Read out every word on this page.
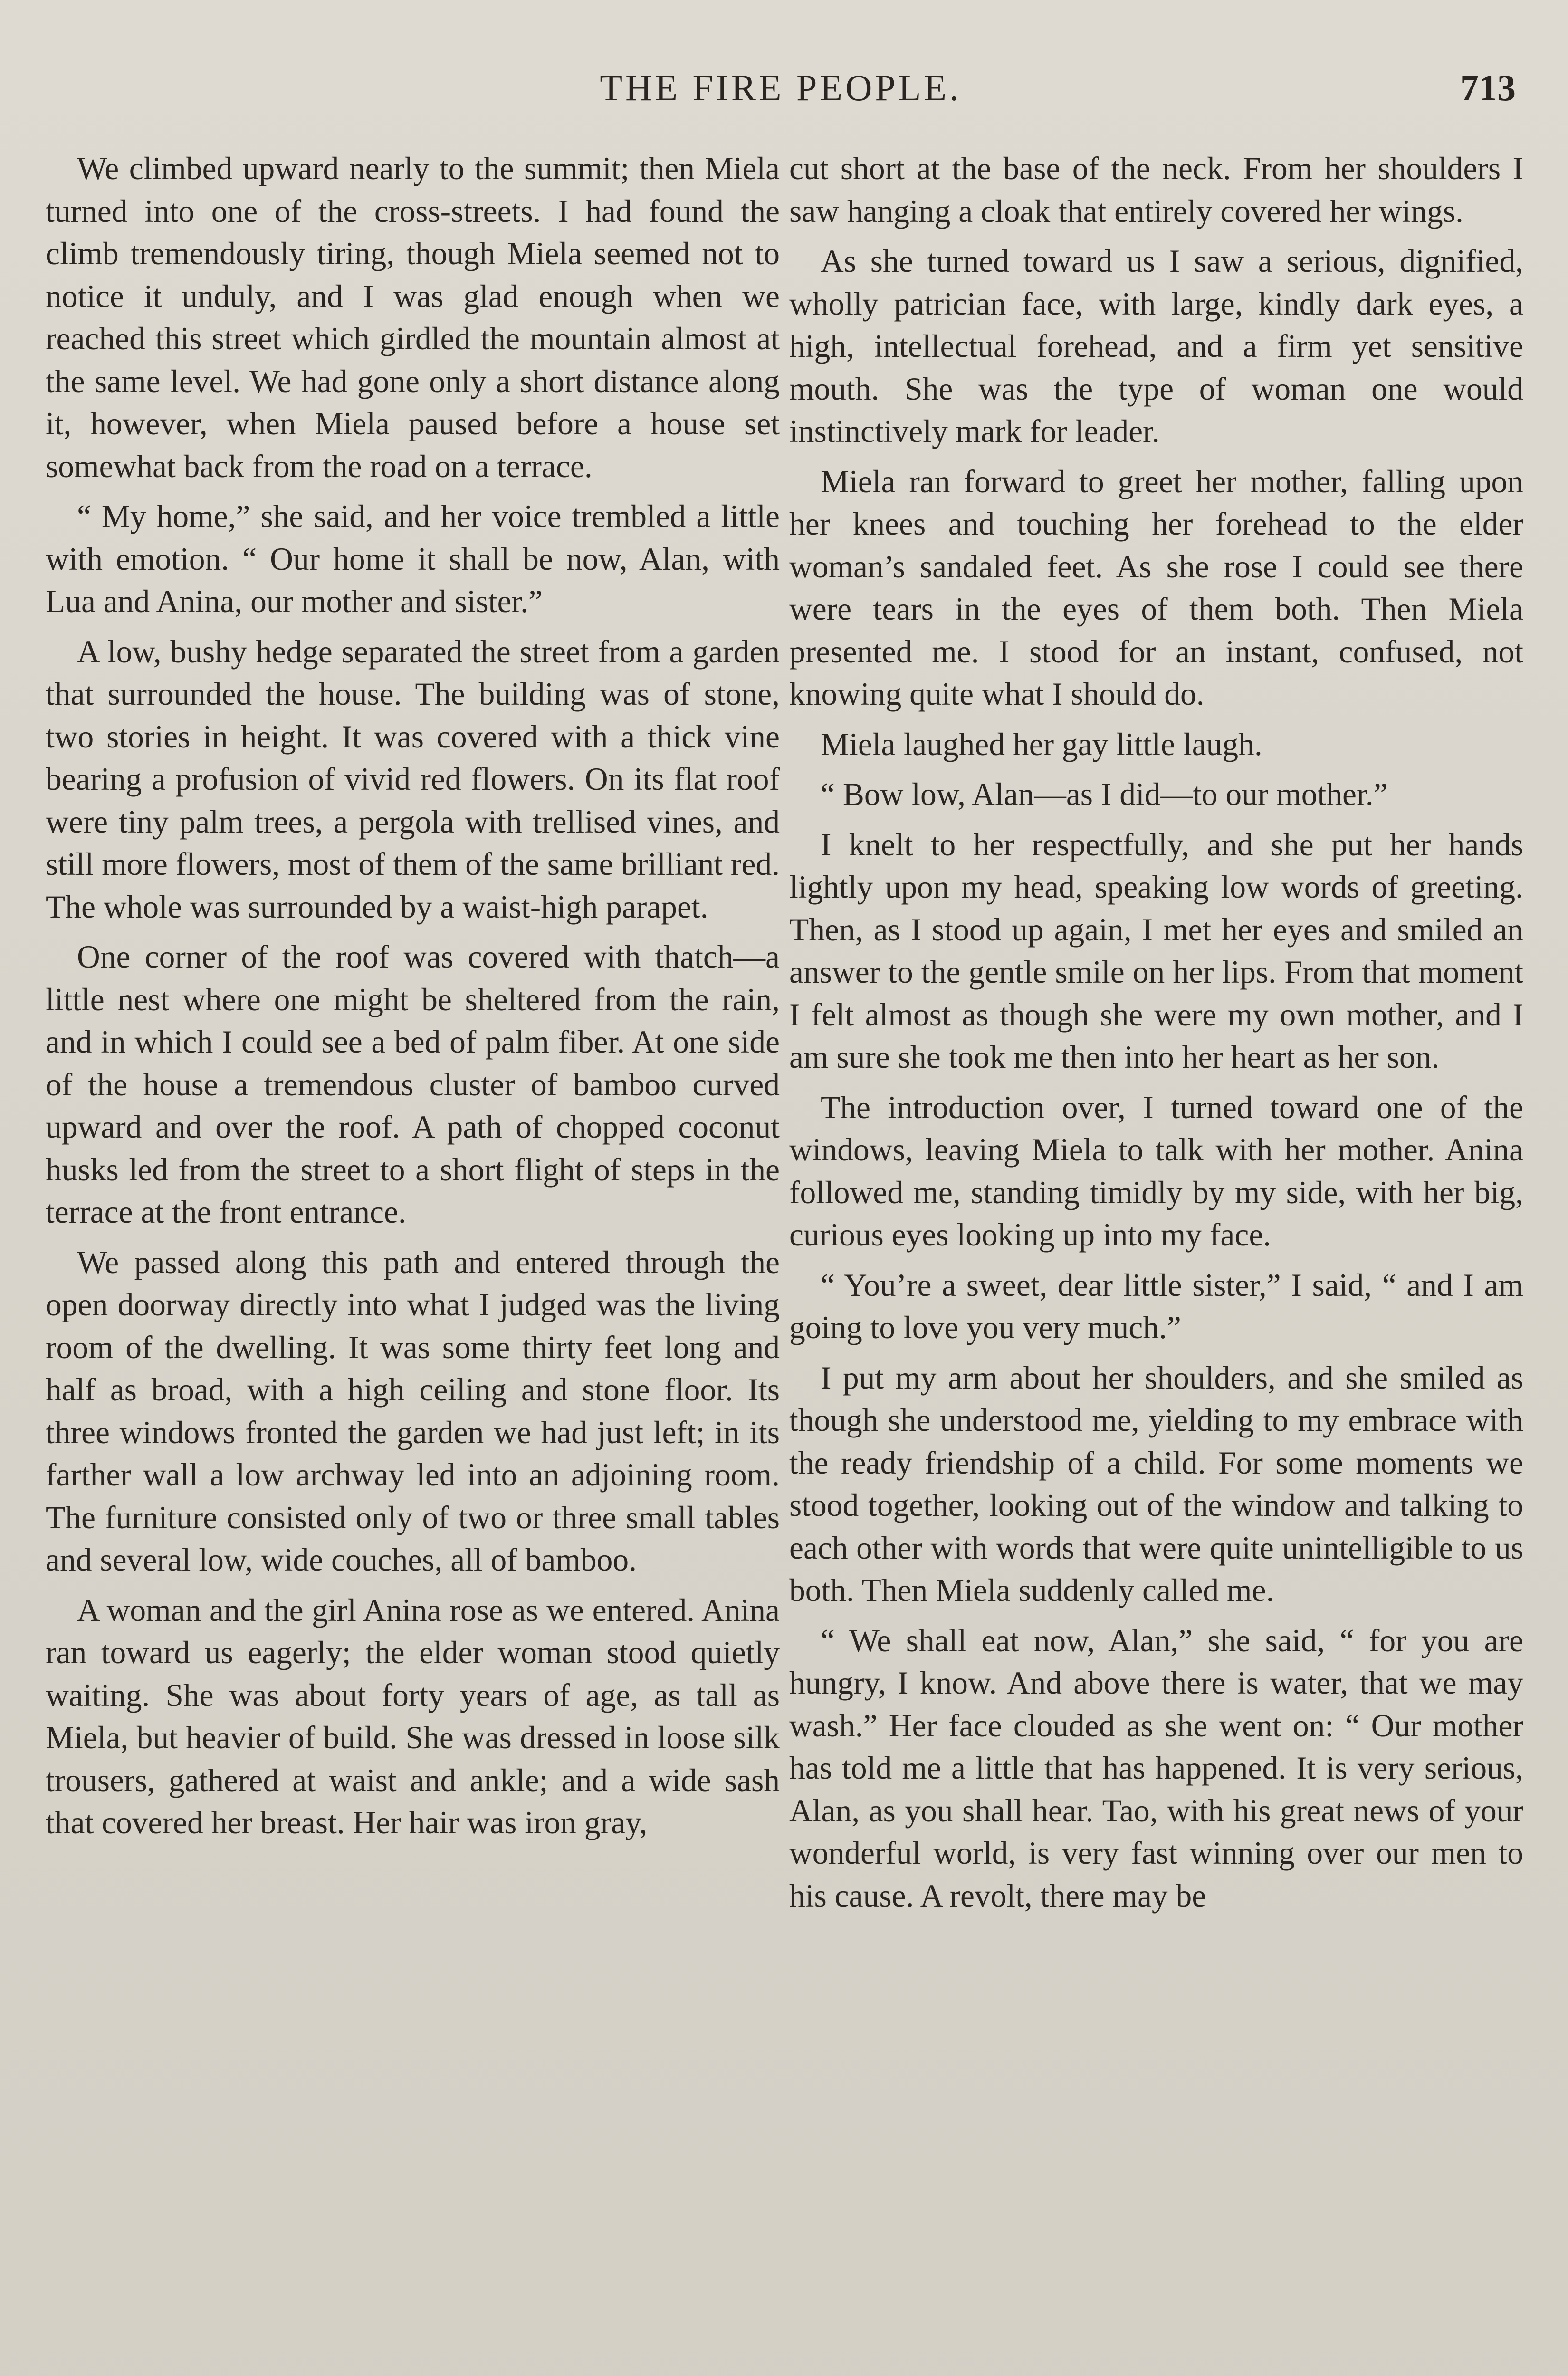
THE FIRE PEOPLE.	713

We climbed upward nearly to the summit; then Miela turned into one of the cross-streets. I had found the climb tremendously tiring, though Miela seemed not to notice it unduly, and I was glad enough when we reached this street which girdled the mountain almost at the same level. We had gone only a short distance along it, however, when Miela paused before a house set somewhat back from the road on a terrace.

“ My home,” she said, and her voice trembled a little with emotion. “ Our home it shall be now, Alan, with Lua and Anina, our mother and sister.”

A low, bushy hedge separated the street from a garden that surrounded the house. The building was of stone, two stories in height. It was covered with a thick vine bearing a profusion of vivid red flowers. On its flat roof were tiny palm trees, a pergola with trellised vines, and still more flowers, most of them of the same brilliant red. The whole was surrounded by a waist-high parapet.

One corner of the roof was covered with thatch—a little nest where one might be sheltered from the rain, and in which I could see a bed of palm fiber. At one side of the house a tremendous cluster of bamboo curved upward and over the roof. A path of chopped coconut husks led from the street to a short flight of steps in the terrace at the front entrance.

We passed along this path and entered through the open doorway directly into what I judged was the living room of the dwelling. It was some thirty feet long and half as broad, with a high ceiling and stone floor. Its three windows fronted the garden we had just left; in its farther wall a low archway led into an adjoining room. The furniture consisted only of two or three small tables and several low, wide couches, all of bamboo.

A woman and the girl Anina rose as we entered. Anina ran toward us eagerly; the elder woman stood quietly waiting. She was about forty years of age, as tall as Miela, but heavier of build. She was dressed in loose silk trousers, gathered at waist and ankle; and a wide sash that covered her breast. Her hair was iron gray,

cut short at the base of the neck. From her shoulders I saw hanging a cloak that entirely covered her wings.

As she turned toward us I saw a serious, dignified, wholly patrician face, with large, kindly dark eyes, a high, intellectual forehead, and a firm yet sensitive mouth. She was the type of woman one would instinctively mark for leader.

Miela ran forward to greet her mother, falling upon her knees and touching her forehead to the elder woman’s sandaled feet. As she rose I could see there were tears in the eyes of them both. Then Miela presented me. I stood for an instant, confused, not knowing quite what I should do.

Miela laughed her gay little laugh.

“ Bow low, Alan—as I did—to our mother.”

I knelt to her respectfully, and she put her hands lightly upon my head, speaking low words of greeting. Then, as I stood up again, I met her eyes and smiled an answer to the gentle smile on her lips. From that moment I felt almost as though she were my own mother, and I am sure she took me then into her heart as her son.

The introduction over, I turned toward one of the windows, leaving Miela to talk with her mother. Anina followed me, standing timidly by my side, with her big, curious eyes looking up into my face.

“ You’re a sweet, dear little sister,” I said, “ and I am going to love you very much.”

I put my arm about her shoulders, and she smiled as though she understood me, yielding to my embrace with the ready friendship of a child. For some moments we stood together, looking out of the window and talking to each other with words that were quite unintelligible to us both. Then Miela suddenly called me.

“ We shall eat now, Alan,” she said, “ for you are hungry, I know. And above there is water, that we may wash.” Her face clouded as she went on: “ Our mother has told me a little that has happened. It is very serious, Alan, as you shall hear. Tao, with his great news of your wonderful world, is very fast winning over our men to his cause. A revolt, there may be
